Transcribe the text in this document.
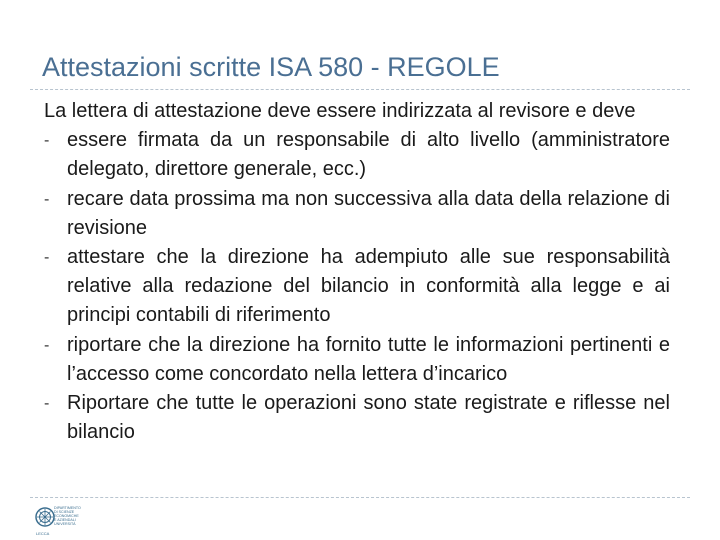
Attestazioni scritte ISA 580 - REGOLE

La lettera di attestazione deve essere indirizzata al revisore e deve

- essere firmata da un responsabile di alto livello (amministratore delegato, direttore generale, ecc.)
- recare data prossima ma non successiva alla data della relazione di revisione
- attestare che la direzione ha adempiuto alle sue responsabilità relative alla redazione del bilancio in conformità alla legge e ai principi contabili di riferimento
- riportare che la direzione ha fornito tutte le informazioni pertinenti e l’accesso come concordato nella lettera d’incarico
- Riportare che tutte le operazioni sono state registrate e riflesse nel bilancio
DIPARTIMENTO
DI SCIENZE
ECONOMICHE
E AZIENDALI
UNIVERSITÀ
LECCA
